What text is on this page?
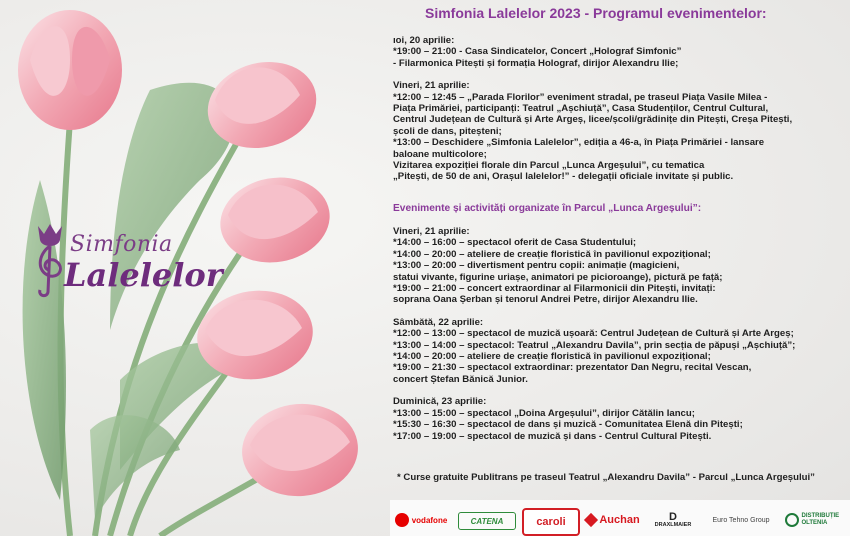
Simfonia
Lalelelor
Simfonia Lalelelor 2023 - Programul evenimentelor:
ıoi, 20 aprilie:
*19:00 – 21:00 - Casa Sindicatelor, Concert „Holograf Simfonic”
- Filarmonica Pitești și formația Holograf, dirijor Alexandru Ilie;
Vineri, 21 aprilie:
*12:00 – 12:45 – „Parada Florilor” eveniment stradal, pe traseul Piața Vasile Milea -
Piața Primăriei, participanți: Teatrul „Așchiuță”, Casa Studenților, Centrul Cultural,
Centrul Județean de Cultură și Arte Argeș, licee/școli/grădinițe din Pitești, Creșa Pitești,
școli de dans, piteșteni;
*13:00 – Deschidere „Simfonia Lalelelor”, ediția a 46-a, în Piața Primăriei - lansare
baloane multicolore;
Vizitarea expoziției florale din Parcul „Lunca Argeșului”, cu tematica
„Pitești, de 50 de ani, Orașul lalelelor!” - delegații oficiale invitate și public.
Evenimente și activități organizate în Parcul „Lunca Argeșului”:
Vineri, 21 aprilie:
*14:00 – 16:00 – spectacol oferit de Casa Studentului;
*14:00 – 20:00 – ateliere de creație floristică în pavilionul expozițional;
*13:00 – 20:00 – divertisment pentru copii: animație (magicieni,
statui vivante, figurine uriașe, animatori pe picioroange), pictură pe față;
*19:00 – 21:00 – concert extraordinar al Filarmonicii din Pitești, invitați:
soprana Oana Șerban și tenorul Andrei Petre, dirijor Alexandru Ilie.
Sâmbătă, 22 aprilie:
*12:00 – 13:00 – spectacol de muzică ușoară: Centrul Județean de Cultură și Arte Argeș;
*13:00 – 14:00 – spectacol: Teatrul „Alexandru Davila”, prin secția de păpuși „Așchiuță”;
*14:00 – 20:00 – ateliere de creație floristică în pavilionul expozițional;
*19:00 – 21:30 – spectacol extraordinar: prezentator Dan Negru, recital Vescan,
concert Ștefan Bănică Junior.
Duminică, 23 aprilie:
*13:00 – 15:00 – spectacol „Doina Argeșului”, dirijor Cătălin Iancu;
*15:30 – 16:30 – spectacol de dans și muzică - Comunitatea Elenă din Pitești;
*17:00 – 19:00 – spectacol de muzică și dans - Centrul Cultural Pitești.
* Curse gratuite Publitrans pe traseul Teatrul „Alexandru Davila” - Parcul „Lunca Argeșului”
vodafone	CATENA	caroli	Auchan	D
DRAXLMAIER
Euro Tehno Group
DISTRIBUȚIE OLTENIA
